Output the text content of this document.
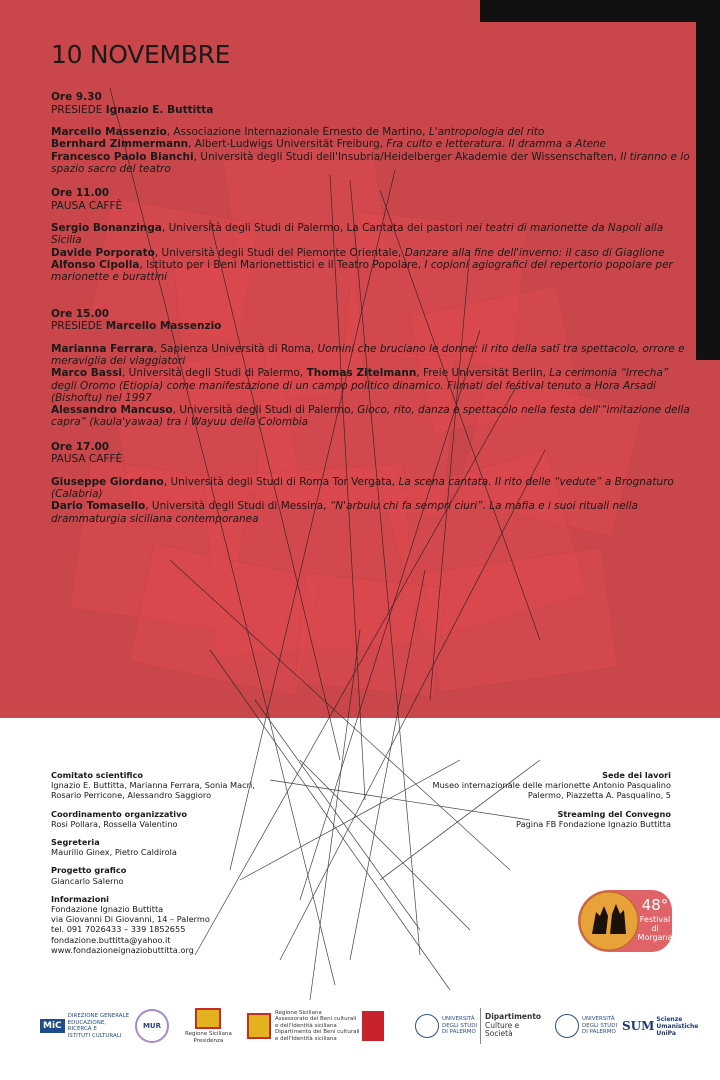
10 NOVEMBRE
Ore 9.30
PRESIEDE Ignazio E. Buttitta
Marcello Massenzio, Associazione Internazionale Ernesto de Martino, L'antropologia del rito
Bernhard Zimmermann, Albert-Ludwigs Universität Freiburg, Fra culto e letteratura. Il dramma a Atene
Francesco Paolo Bianchi, Università degli Studi dell'Insubria/Heidelberger Akademie der Wissenschaften, Il tiranno e lo spazio sacro del teatro
Ore 11.00
PAUSA CAFFÈ
Sergio Bonanzinga, Università degli Studi di Palermo, La Cantata dei pastori nei teatri di marionette da Napoli alla Sicilia
Davide Porporato, Università degli Studi del Piemonte Orientale, Danzare alla fine dell'inverno: il caso di Giaglione
Alfonso Cipolla, Istituto per i Beni Marionettistici e il Teatro Popolare, I copioni agiografici del repertorio popolare per marionette e burattini
Ore 15.00
PRESIEDE Marcello Massenzio
Marianna Ferrara, Sapienza Università di Roma, Uomini che bruciano le donne: il rito della satī tra spettacolo, orrore e meraviglia dei viaggiatori
Marco Bassi, Università degli Studi di Palermo, Thomas Zitelmann, Freie Universität Berlin, La cerimonia “Irrecha” degli Oromo (Etiopia) come manifestazione di un campo politico dinamico. Filmati del festival tenuto a Hora Arsadi (Bishoftu) nel 1997
Alessandro Mancuso, Università degli Studi di Palermo, Gioco, rito, danza e spettacolo nella festa dell'“imitazione della capra” (kaula'yawaa) tra i Wayuu della Colombia
Ore 17.00
PAUSA CAFFÈ
Giuseppe Giordano, Università degli Studi di Roma Tor Vergata, La scena cantata. Il rito delle “vedute” a Brognaturo (Calabria)
Dario Tomasello, Università degli Studi di Messina, “N'arbulu chi fa sempri ciuri”. La mafia e i suoi rituali nella drammaturgia siciliana contemporanea
Comitato scientifico
Ignazio E. Buttitta, Marianna Ferrara, Sonia Macrì,
Rosario Perricone, Alessandro Saggioro
Coordinamento organizzativo
Rosi Pollara, Rossella Valentino
Segreteria
Maurilio Ginex, Pietro Caldirola
Progetto grafico
Giancarlo Salerno
Informazioni
Fondazione Ignazio Buttitta
via Giovanni Di Giovanni, 14 – Palermo
tel. 091 7026433 – 339 1852655
fondazione.buttitta@yahoo.it
www.fondazioneignaziobuttitta.org
Sede dei lavori
Museo internazionale delle marionette Antonio Pasqualino
Palermo, Piazzetta A. Pasqualino, 5
Streaming del Convegno
Pagina FB Fondazione Ignazio Buttitta
48°
Festival
di
Morgana
MiC
DIREZIONE GENERALE
EDUCAZIONE,
RICERCA E
ISTITUTI CULTURALI
MUR
Regione Siciliana
Presidenza
Regione Siciliana
Assessorato dei Beni culturali
e dell'Identità siciliana
Dipartimento dei Beni culturali
e dell'Identità siciliana
UNIVERSITÀ
DEGLI STUDI
DI PALERMO
Dipartimento
Culture e
Società
UNIVERSITÀ
DEGLI STUDI
DI PALERMO SUM Scienze
Umanistiche
UniPa
